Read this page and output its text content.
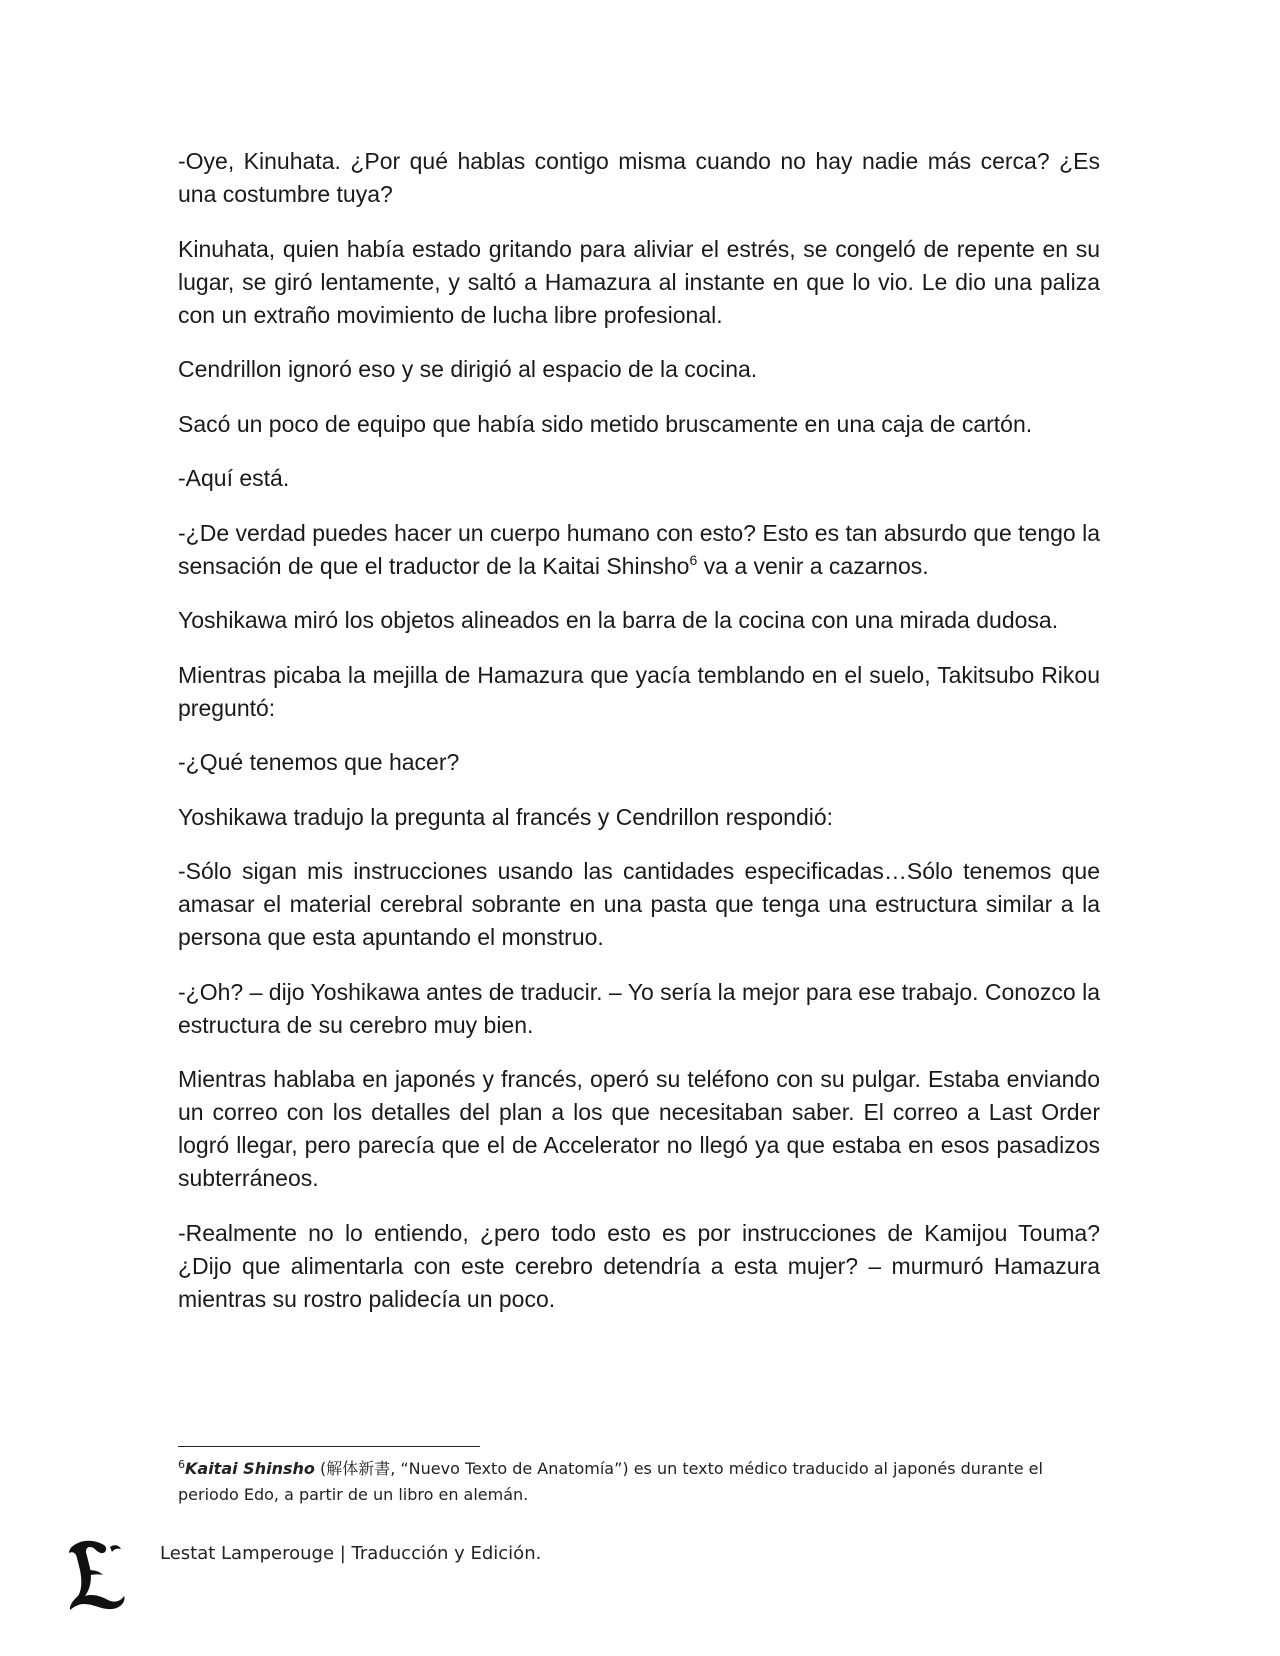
-Oye, Kinuhata. ¿Por qué hablas contigo misma cuando no hay nadie más cerca? ¿Es una costumbre tuya?

Kinuhata, quien había estado gritando para aliviar el estrés, se congeló de repente en su lugar, se giró lentamente, y saltó a Hamazura al instante en que lo vio. Le dio una paliza con un extraño movimiento de lucha libre profesional.

Cendrillon ignoró eso y se dirigió al espacio de la cocina.

Sacó un poco de equipo que había sido metido bruscamente en una caja de cartón.

-Aquí está.

-¿De verdad puedes hacer un cuerpo humano con esto? Esto es tan absurdo que tengo la sensación de que el traductor de la Kaitai Shinsho$^6$ va a venir a cazarnos.

Yoshikawa miró los objetos alineados en la barra de la cocina con una mirada dudosa.

Mientras picaba la mejilla de Hamazura que yacía temblando en el suelo, Takitsubo Rikou preguntó:

-¿Qué tenemos que hacer?

Yoshikawa tradujo la pregunta al francés y Cendrillon respondió:

-Sólo sigan mis instrucciones usando las cantidades especificadas…Sólo tenemos que amasar el material cerebral sobrante en una pasta que tenga una estructura similar a la persona que esta apuntando el monstruo.

-¿Oh? – dijo Yoshikawa antes de traducir. – Yo sería la mejor para ese trabajo. Conozco la estructura de su cerebro muy bien.

Mientras hablaba en japonés y francés, operó su teléfono con su pulgar. Estaba enviando un correo con los detalles del plan a los que necesitaban saber. El correo a Last Order logró llegar, pero parecía que el de Accelerator no llegó ya que estaba en esos pasadizos subterráneos.

-Realmente no lo entiendo, ¿pero todo esto es por instrucciones de Kamijou Touma? ¿Dijo que alimentarla con este cerebro detendría a esta mujer? – murmuró Hamazura mientras su rostro palidecía un poco.

$^6$Kaitai Shinsho (解体新書, “Nuevo Texto de Anatomía”) es un texto médico traducido al japonés durante el periodo Edo, a partir de un libro en alemán.
Lestat Lamperouge | Traducción y Edición.
